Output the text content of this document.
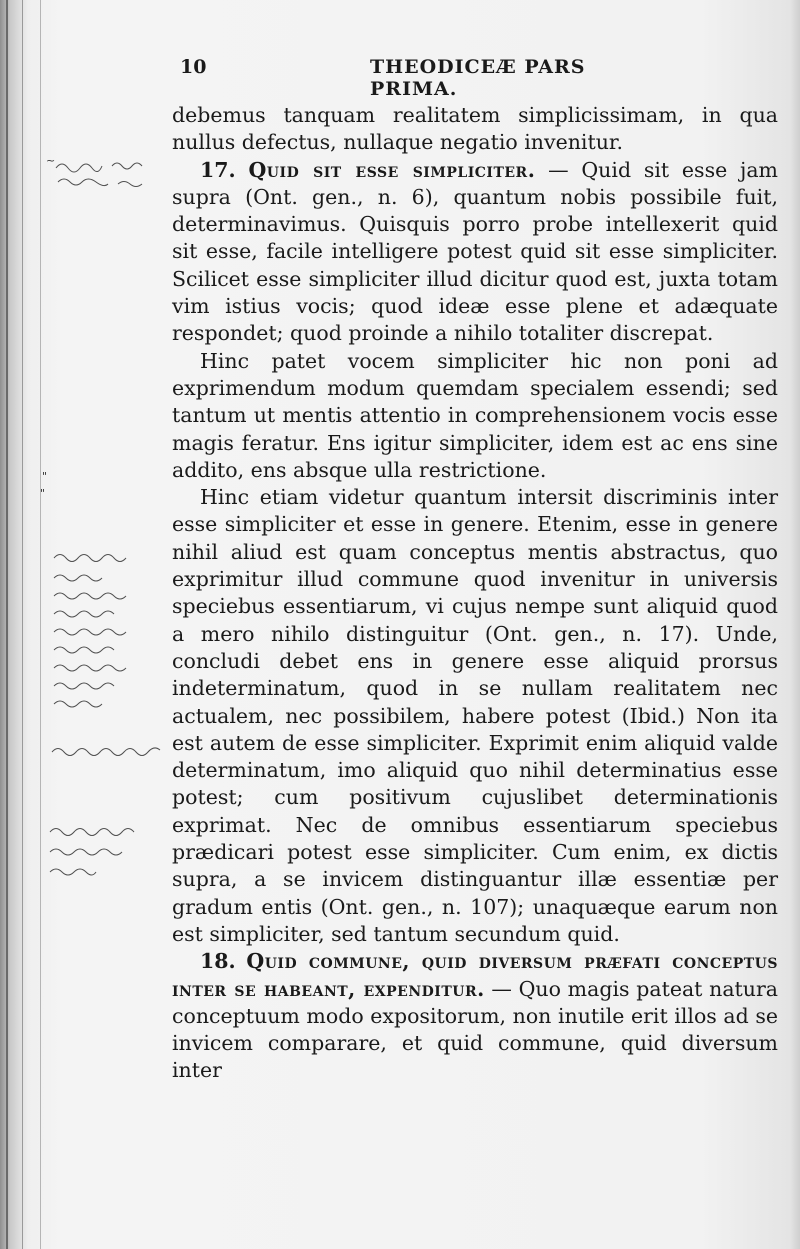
10	THEODICEÆ PARS PRIMA.

debemus tanquam realitatem simplicissimam, in qua nullus defectus, nullaque negatio invenitur.

17. Quid sit esse simpliciter. — Quid sit esse jam supra (Ont. gen., n. 6), quantum nobis possibile fuit, determinavimus. Quisquis porro probe intellexerit quid sit esse, facile intelligere potest quid sit esse simpliciter. Scilicet esse simpliciter illud dicitur quod est, juxta totam vim istius vocis; quod ideæ esse plene et adæquate respondet; quod proinde a nihilo totaliter discrepat.

Hinc patet vocem simpliciter hic non poni ad exprimendum modum quemdam specialem essendi; sed tantum ut mentis attentio in comprehensionem vocis esse magis feratur. Ens igitur simpliciter, idem est ac ens sine addito, ens absque ulla restrictione.

Hinc etiam videtur quantum intersit discriminis inter esse simpliciter et esse in genere. Etenim, esse in genere nihil aliud est quam conceptus mentis abstractus, quo exprimitur illud commune quod invenitur in universis speciebus essentiarum, vi cujus nempe sunt aliquid quod a mero nihilo distinguitur (Ont. gen., n. 17). Unde, concludi debet ens in genere esse aliquid prorsus indeterminatum, quod in se nullam realitatem nec actualem, nec possibilem, habere potest (Ibid.) Non ita est autem de esse simpliciter. Exprimit enim aliquid valde determinatum, imo aliquid quo nihil determinatius esse potest; cum positivum cujuslibet determinationis exprimat. Nec de omnibus essentiarum speciebus prædicari potest esse simpliciter. Cum enim, ex dictis supra, a se invicem distinguantur illæ essentiæ per gradum entis (Ont. gen., n. 107); unaquæque earum non est simpliciter, sed tantum secundum quid.

18. Quid commune, quid diversum præfati conceptus inter se habeant, expenditur. — Quo magis pateat natura conceptuum modo expositorum, non inutile erit illos ad se invicem comparare, et quid commune, quid diversum inter

~
"
"
